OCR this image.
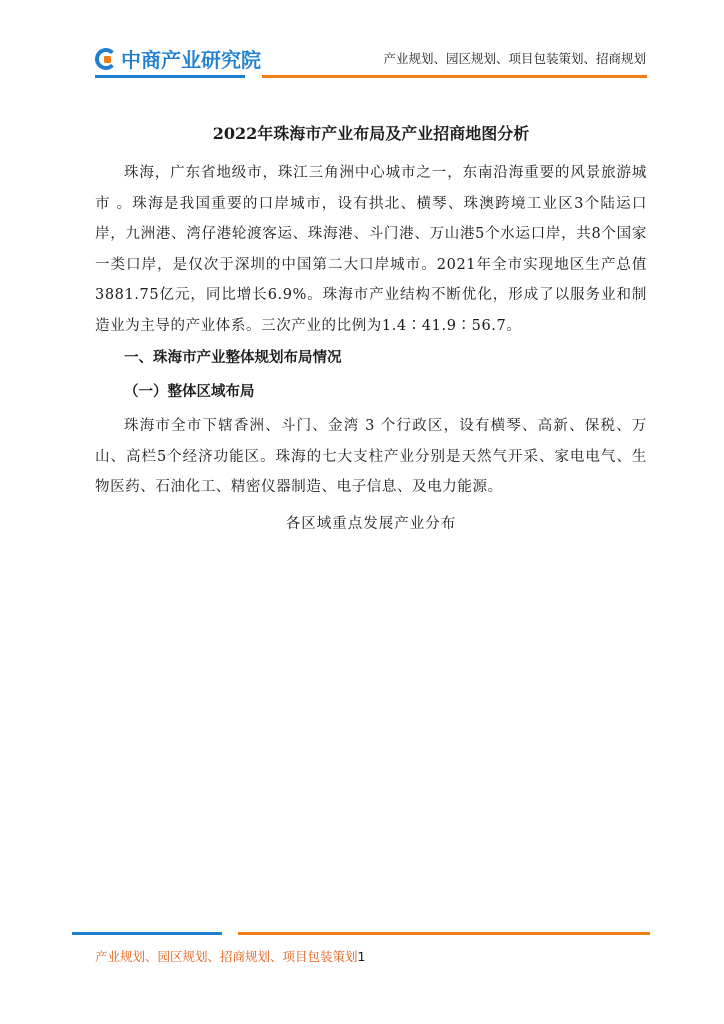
中商产业研究院	产业规划、园区规划、项目包装策划、招商规划
2022年珠海市产业布局及产业招商地图分析

珠海，广东省地级市，珠江三角洲中心城市之一，东南沿海重要的风景旅游城市 。珠海是我国重要的口岸城市，设有拱北、横琴、珠澳跨境工业区3个陆运口岸，九洲港、湾仔港轮渡客运、珠海港、斗门港、万山港5个水运口岸，共8个国家一类口岸，是仅次于深圳的中国第二大口岸城市。2021年全市实现地区生产总值3881.75亿元，同比增长6.9%。珠海市产业结构不断优化，形成了以服务业和制造业为主导的产业体系。三次产业的比例为1.4∶41.9∶56.7。

一、珠海市产业整体规划布局情况
（一）整体区域布局

珠海市全市下辖香洲、斗门、金湾 3 个行政区，设有横琴、高新、保税、万山、高栏5个经济功能区。珠海的七大支柱产业分别是天然气开采、家电电气、生物医药、石油化工、精密仪器制造、电子信息、及电力能源。

各区域重点发展产业分布
产业规划、园区规划、招商规划、项目包装策划1
